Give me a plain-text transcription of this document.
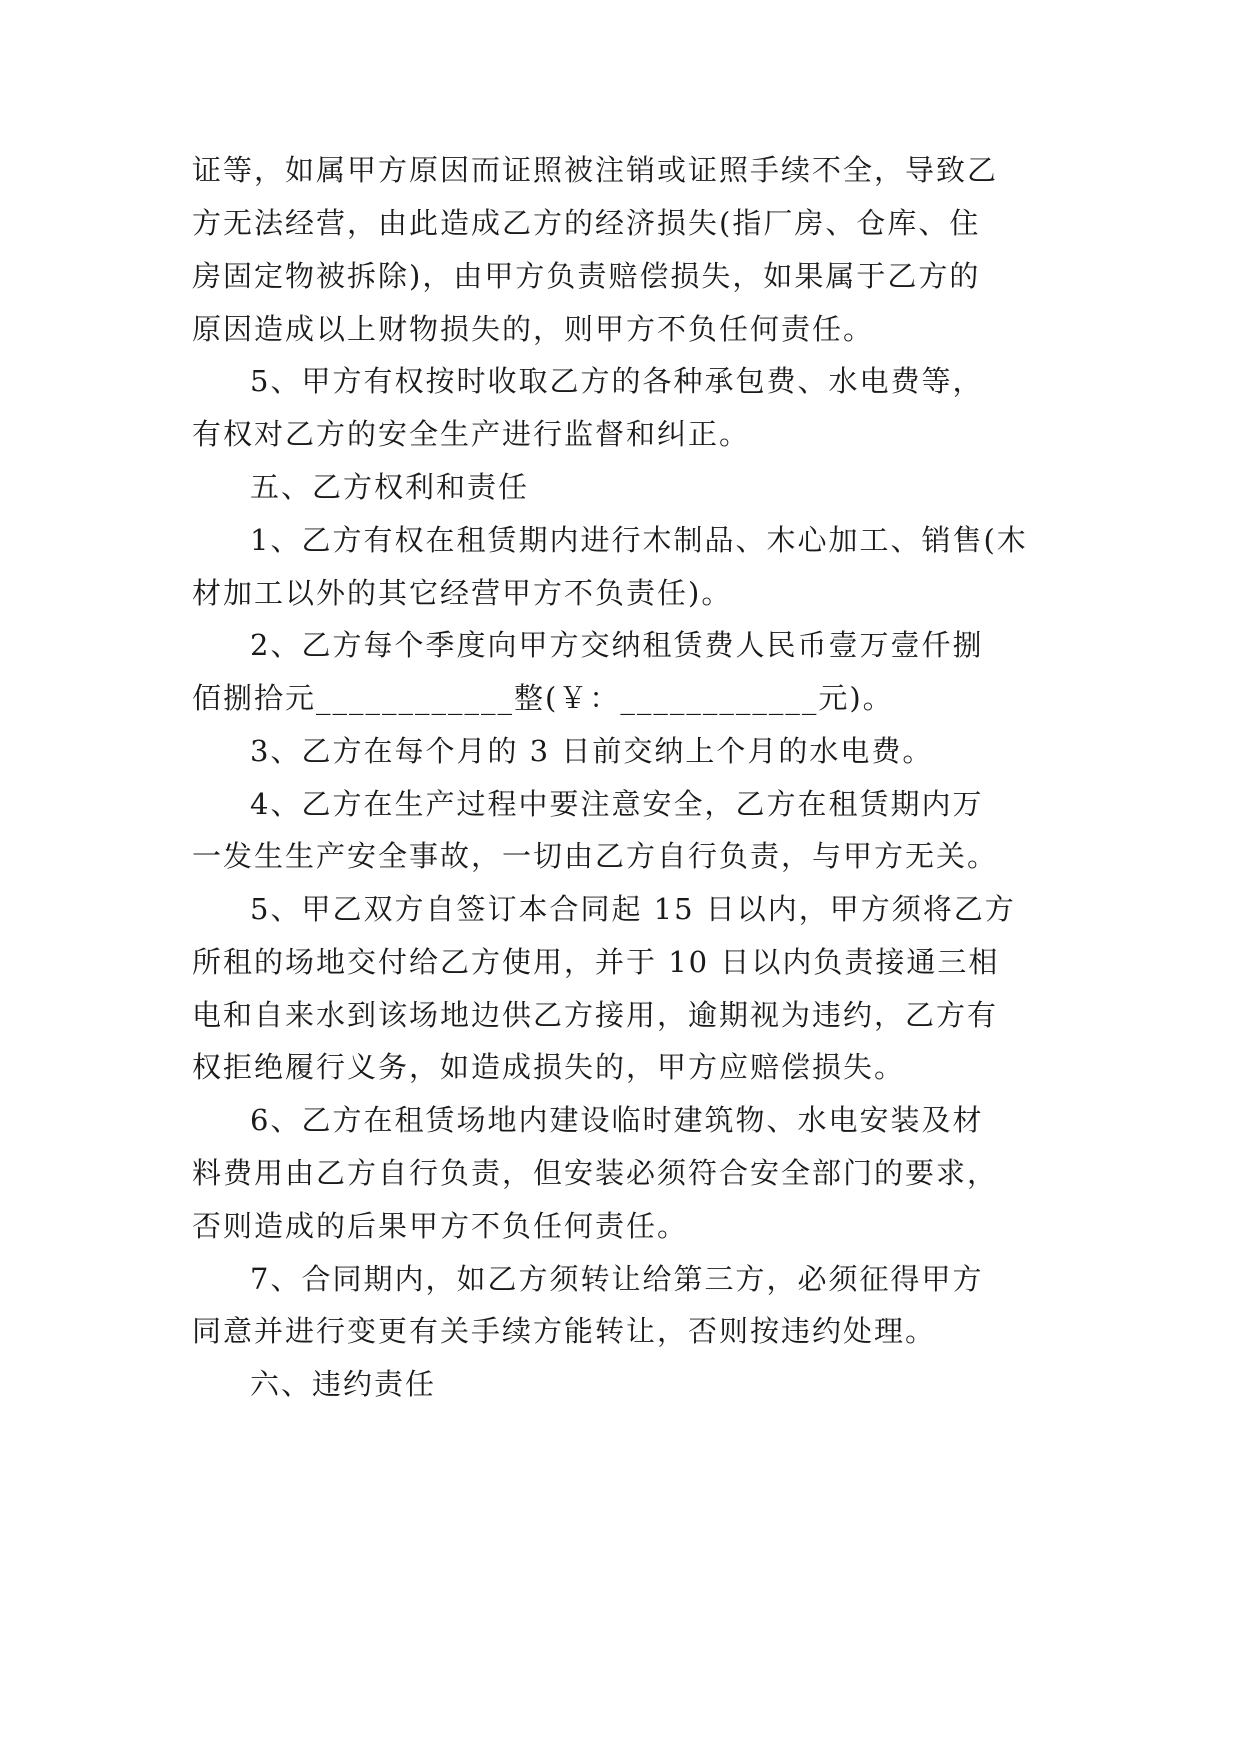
证等，如属甲方原因而证照被注销或证照手续不全，导致乙
方无法经营，由此造成乙方的经济损失(指厂房、仓库、住
房固定物被拆除)，由甲方负责赔偿损失，如果属于乙方的
原因造成以上财物损失的，则甲方不负任何责任。
5、甲方有权按时收取乙方的各种承包费、水电费等，
有权对乙方的安全生产进行监督和纠正。
五、乙方权利和责任
1、乙方有权在租赁期内进行木制品、木心加工、销售(木
材加工以外的其它经营甲方不负责任)。
2、乙方每个季度向甲方交纳租赁费人民币壹万壹仟捌
佰捌拾元____________整(￥：____________元)。
3、乙方在每个月的 3 日前交纳上个月的水电费。
4、乙方在生产过程中要注意安全，乙方在租赁期内万
一发生生产安全事故，一切由乙方自行负责，与甲方无关。
5、甲乙双方自签订本合同起 15 日以内，甲方须将乙方
所租的场地交付给乙方使用，并于 10 日以内负责接通三相
电和自来水到该场地边供乙方接用，逾期视为违约，乙方有
权拒绝履行义务，如造成损失的，甲方应赔偿损失。
6、乙方在租赁场地内建设临时建筑物、水电安装及材
料费用由乙方自行负责，但安装必须符合安全部门的要求，
否则造成的后果甲方不负任何责任。
7、合同期内，如乙方须转让给第三方，必须征得甲方
同意并进行变更有关手续方能转让，否则按违约处理。
六、违约责任
